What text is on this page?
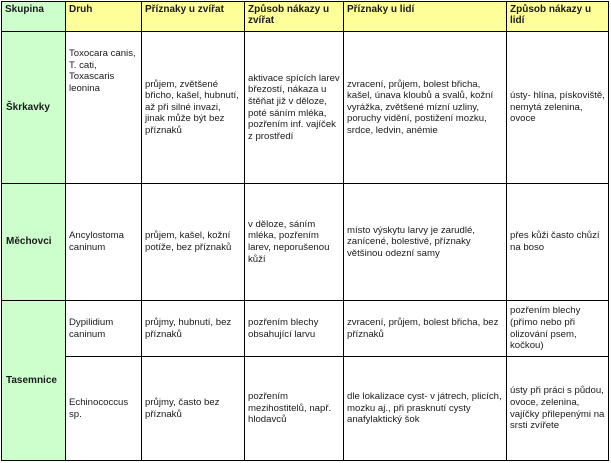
Skupina	Druh	Příznaky u zvířat	Způsob nákazy u zvířat	Příznaky u lidí	Způsob nákazy u lidí
Škrkavky	Toxocara canis, T. cati, Toxascaris leonina	průjem, zvětšené břicho, kašel, hubnutí, až při silné invazi, jinak může být bez příznaků	aktivace spících larev březostí, nákaza u štěňat již v děloze, poté sáním mléka, pozřením inf. vajíček z prostředí	zvracení, průjem, bolest břicha, kašel, únava kloubů a svalů, kožní vyrážka, zvětšené mízní uzliny, poruchy vidění, postižení mozku, srdce, ledvin, anémie	ústy- hlína, pískoviště, nemytá zelenina, ovoce
Měchovci	Ancylostoma caninum	průjem, kašel, kožní potíže, bez příznaků	v děloze, sáním mléka, pozřením larev, neporušenou kůží	místo výskytu larvy je zarudlé, zanícené, bolestivé, příznaky většinou odezní samy	přes kůži často chůzí na boso
Tasemnice	Dypilidium caninum	průjmy, hubnutí, bez příznaků	pozřením blechy obsahující larvu	zvracení, průjem, bolest břicha, bez příznaků	pozřením blechy (přímo nebo při olizování psem, kočkou)
	Echinococcus sp.	průjmy, často bez příznaků	pozřením mezihostitelů, např. hlodavců	dle lokalizace cyst- v játrech, plicích, mozku aj., při prasknutí cysty anafylaktický šok	ústy při práci s půdou, ovoce, zelenina, vajíčky přilepenými na srsti zvířete
